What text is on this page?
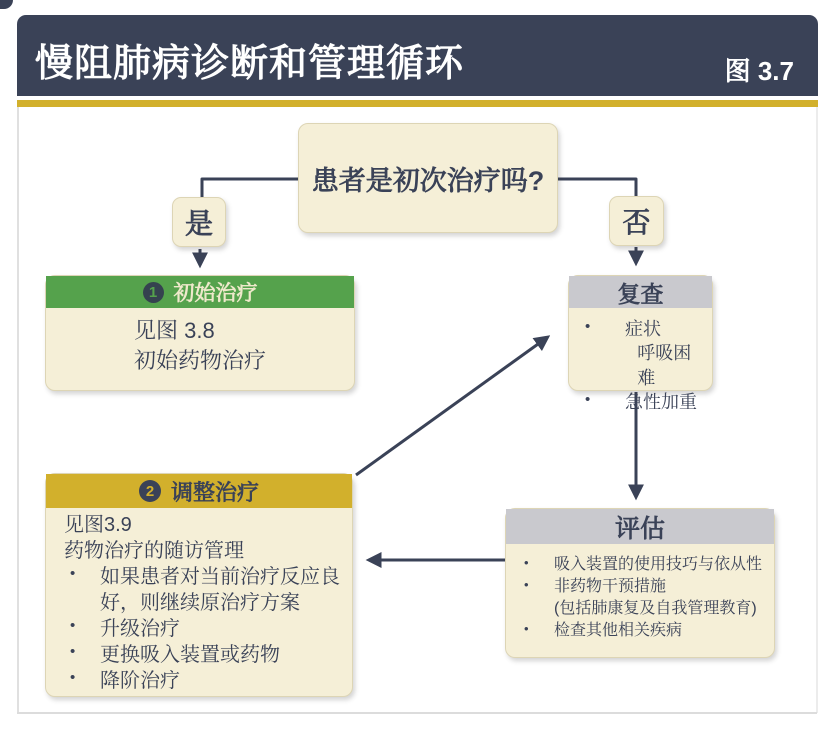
慢阻肺病诊断和管理循环	图 3.7
患者是初次治疗吗?
是	否
1 初始治疗
见图 3.8
初始药物治疗
复查
•	症状
呼吸困难
•	急性加重
2 调整治疗
见图3.9
药物治疗的随访管理
•	如果患者对当前治疗反应良好，则继续原治疗方案
•	升级治疗
•	更换吸入装置或药物
•	降阶治疗
评估
•	吸入装置的使用技巧与依从性
•	非药物干预措施
(包括肺康复及自我管理教育)
•	检查其他相关疾病
